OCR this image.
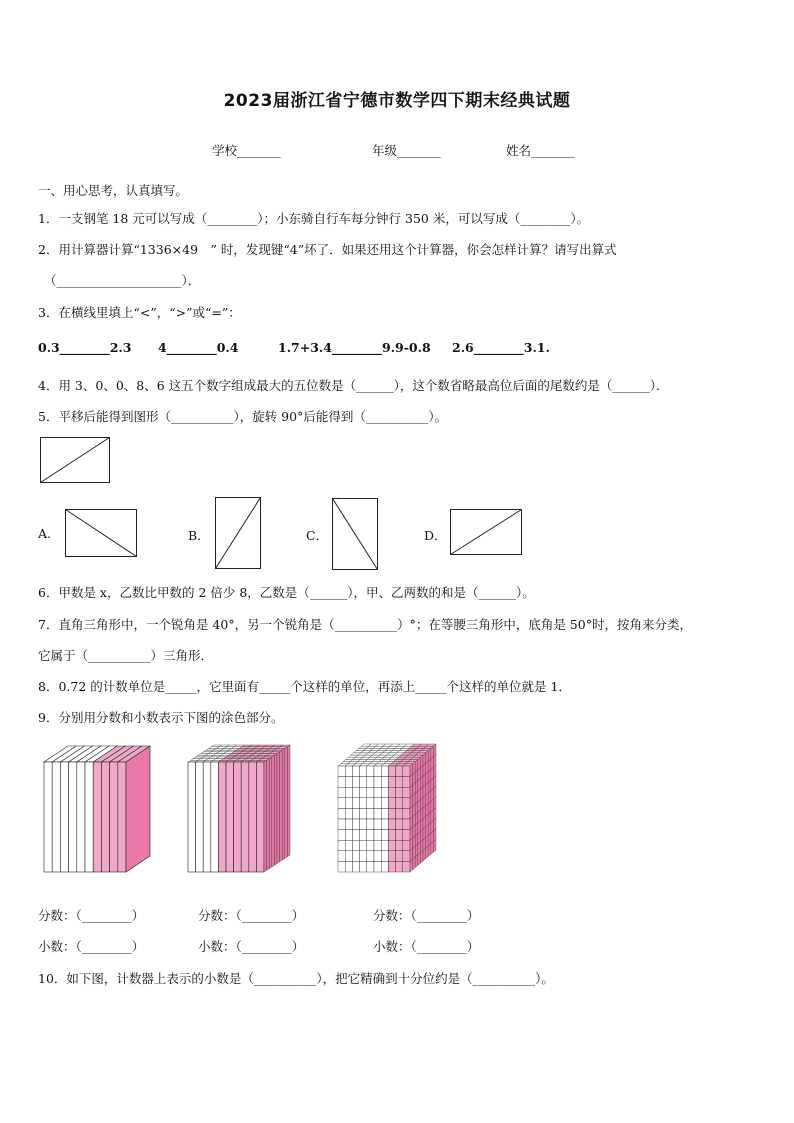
2023届浙江省宁德市数学四下期末经典试题
学校_______	年级_______	姓名_______
一、用心思考，认真填写。
1．一支钢笔 18 元可以写成（________）；小东骑自行车每分钟行 350 米，可以写成（________）。
2．用计算器计算“1336×49　” 时，发现键“4”坏了．如果还用这个计算器，你会怎样计算？请写出算式
（____________________）．
3．在横线里填上“<”，“>”或“=”：
0.3________2.3 4________0.4	1.7+3.4________9.9-0.8 2.6________3.1.
4．用 3、0、0、8、6 这五个数字组成最大的五位数是（______），这个数省略最高位后面的尾数约是（______）．
5．平移后能得到图形（__________），旋转 90°后能得到（__________）。
A.	B．	C．	D．
6．甲数是 x，乙数比甲数的 2 倍少 8，乙数是（______），甲、乙两数的和是（______）。
7．直角三角形中，一个锐角是 40°，另一个锐角是（__________）°；在等腰三角形中，底角是 50°时，按角来分类，
它属于（__________）三角形．
8．0.72 的计数单位是_____，它里面有_____个这样的单位，再添上_____个这样的单位就是 1．
9．分别用分数和小数表示下图的涂色部分。
分数：（________）	分数：（________）	分数：（________）
小数：（________）	小数：（________）	小数：（________）
10．如下图，计数器上表示的小数是（__________），把它精确到十分位约是（__________）。
